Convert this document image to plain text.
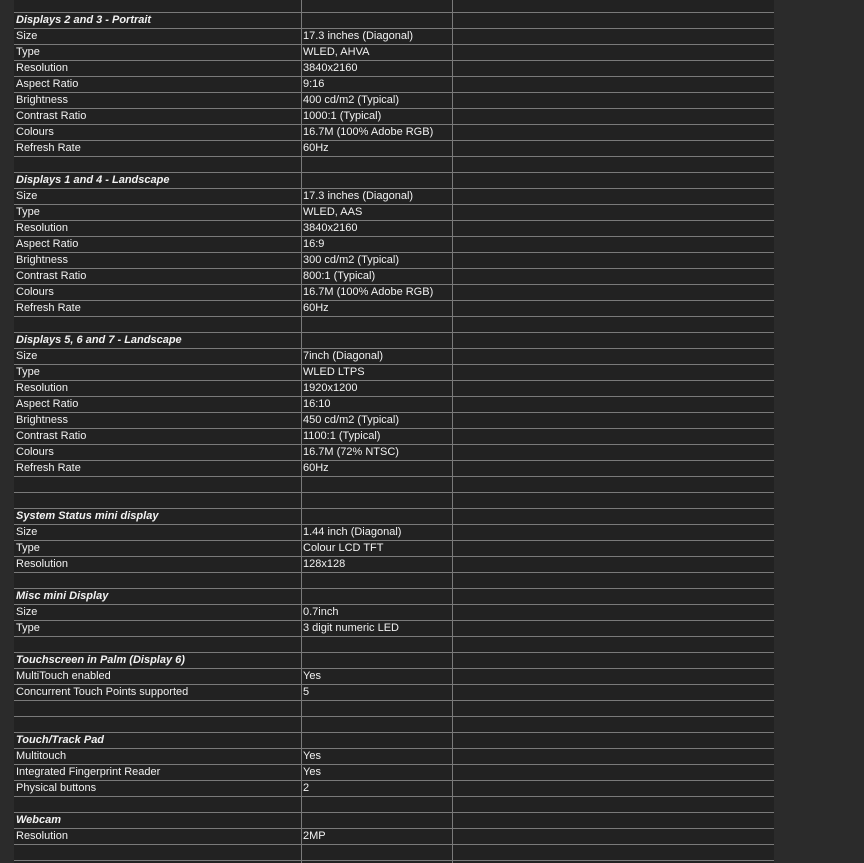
Displays 2 and 3 - Portrait
Size	17.3 inches (Diagonal)
Type	WLED, AHVA
Resolution	3840x2160
Aspect Ratio	9:16
Brightness	400 cd/m2 (Typical)
Contrast Ratio	1000:1 (Typical)
Colours	16.7M (100% Adobe RGB)
Refresh Rate	60Hz
Displays 1 and 4 - Landscape
Size	17.3 inches (Diagonal)
Type	WLED, AAS
Resolution	3840x2160
Aspect Ratio	16:9
Brightness	300 cd/m2 (Typical)
Contrast Ratio	800:1 (Typical)
Colours	16.7M (100% Adobe RGB)
Refresh Rate	60Hz
Displays 5, 6 and 7 - Landscape
Size	7inch (Diagonal)
Type	WLED LTPS
Resolution	1920x1200
Aspect Ratio	16:10
Brightness	450 cd/m2 (Typical)
Contrast Ratio	1100:1 (Typical)
Colours	16.7M (72% NTSC)
Refresh Rate	60Hz
System Status mini display
Size	1.44 inch (Diagonal)
Type	Colour LCD TFT
Resolution	128x128
Misc mini Display
Size	0.7inch
Type	3 digit numeric LED
Touchscreen in Palm (Display 6)
MultiTouch enabled	Yes
Concurrent Touch Points supported	5
Touch/Track Pad
Multitouch	Yes
Integrated Fingerprint Reader	Yes
Physical buttons	2
Webcam
Resolution	2MP
